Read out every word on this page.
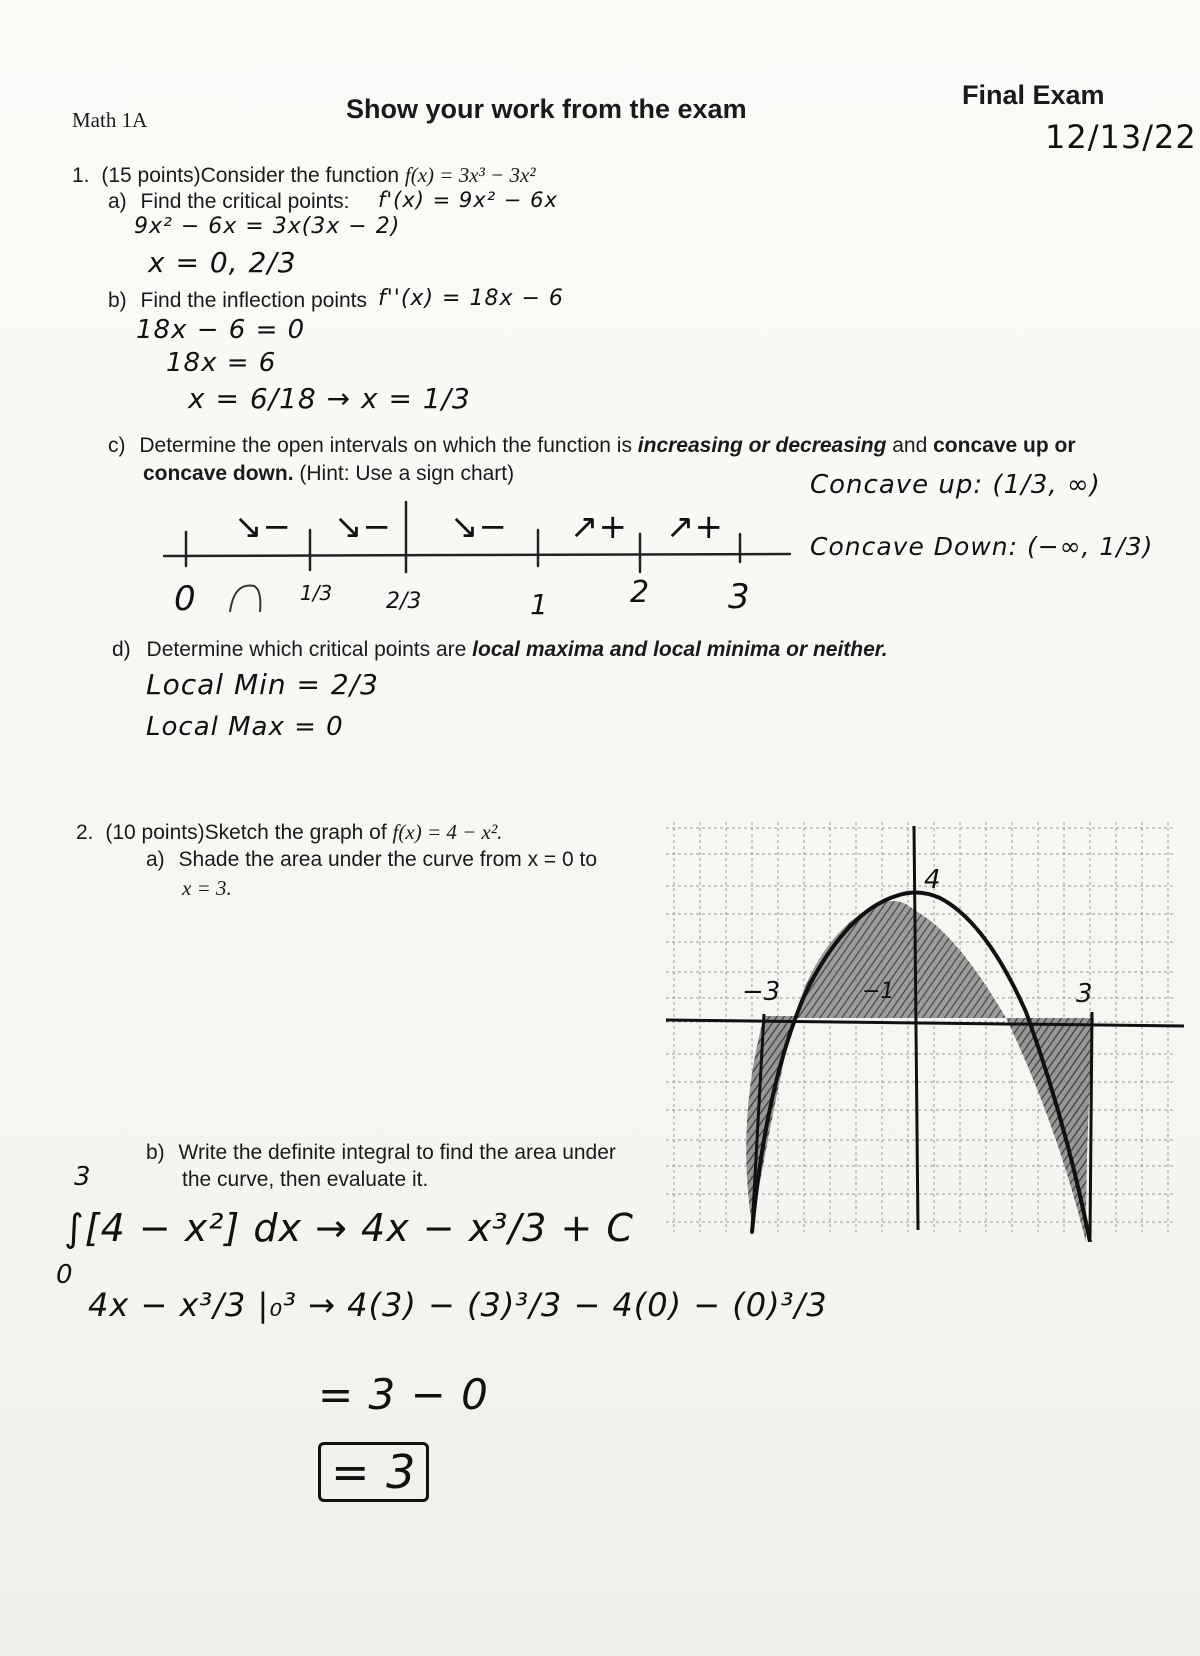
Math 1A	Show your work from the exam	Final Exam
12/13/22
1. (15 points)Consider the function f(x) = 3x³ − 3x²
a) Find the critical points: f'(x) = 9x² − 6x
9x² − 6x = 3x(3x − 2)
x = 0, 2/3
b) Find the inflection points f''(x) = 18x − 6
18x − 6 = 0
18x = 6
x = 6/18 → x = 1/3
c) Determine the open intervals on which the function is increasing or decreasing and concave up or
concave down. (Hint: Use a sign chart)	Concave up: (1/3, ∞)
Concave Down: (−∞, 1/3)
↘− ↘− ↘− ↗+ ↗+
0	1/3 2/3	1	2 3
d) Determine which critical points are local maxima and local minima or neither.
Local Min = 2/3
Local Max = 0
2. (10 points)Sketch the graph of f(x) = 4 − x².
a) Shade the area under the curve from x = 0 to
x = 3.	4
−3	−1	3
b) Write the definite integral to find the area under
the curve, then evaluate it.
3
0
∫[4 − x²] dx → 4x − x³/3 + C
4x − x³/3 |₀³ → 4(3) − (3)³/3 − 4(0) − (0)³/3
= 3 − 0
= 3
